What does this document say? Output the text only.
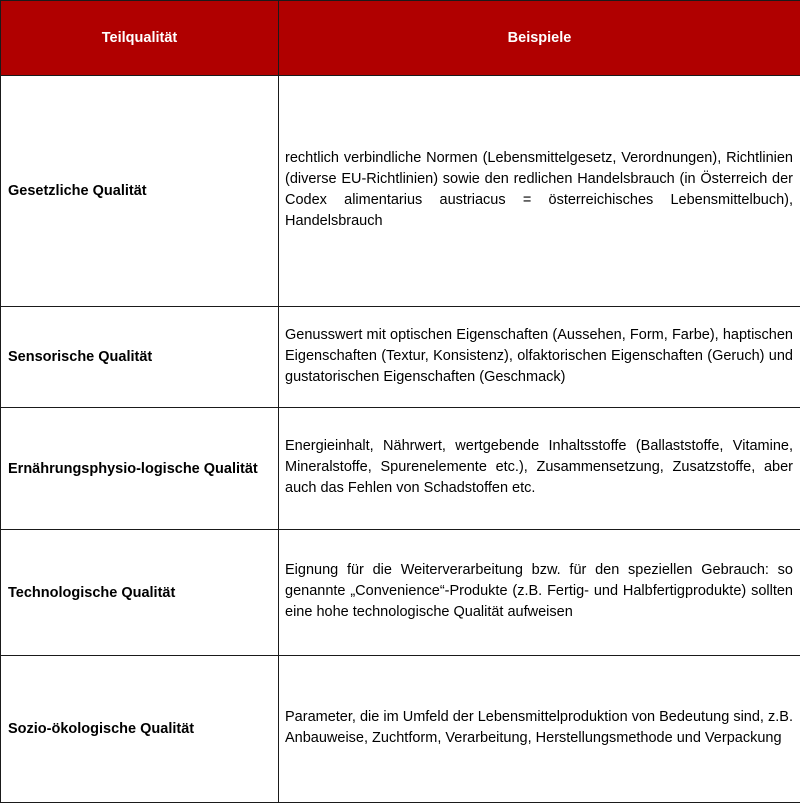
Teilqualität	Beispiele
Gesetzliche Qualität	rechtlich verbindliche Normen (Lebensmittelgesetz, Verordnungen), Richtlinien (diverse EU-Richtlinien) sowie den redlichen Handelsbrauch (in Österreich der Codex alimentarius austriacus = österreichisches Lebensmittelbuch), Handelsbrauch

Sensorische Qualität	Genusswert mit optischen Eigenschaften (Aussehen, Form, Farbe), haptischen Eigenschaften (Textur, Konsistenz), olfaktorischen Eigenschaften (Geruch) und gustatorischen Eigenschaften (Geschmack)

Ernährungsphysio-logische Qualität	Energieinhalt, Nährwert, wertgebende Inhaltsstoffe (Ballaststoffe, Vitamine, Mineralstoffe, Spurenelemente etc.), Zusammensetzung, Zusatzstoffe, aber auch das Fehlen von Schadstoffen etc.

Technologische Qualität	Eignung für die Weiterverarbeitung bzw. für den speziellen Gebrauch: so genannte „Convenience“-Produkte (z.B. Fertig- und Halbfertigprodukte) sollten eine hohe technologische Qualität aufweisen

Sozio-ökologische Qualität	Parameter, die im Umfeld der Lebensmittelproduktion von Bedeutung sind, z.B. Anbauweise, Zuchtform, Verarbeitung, Herstellungsmethode und Verpackung
